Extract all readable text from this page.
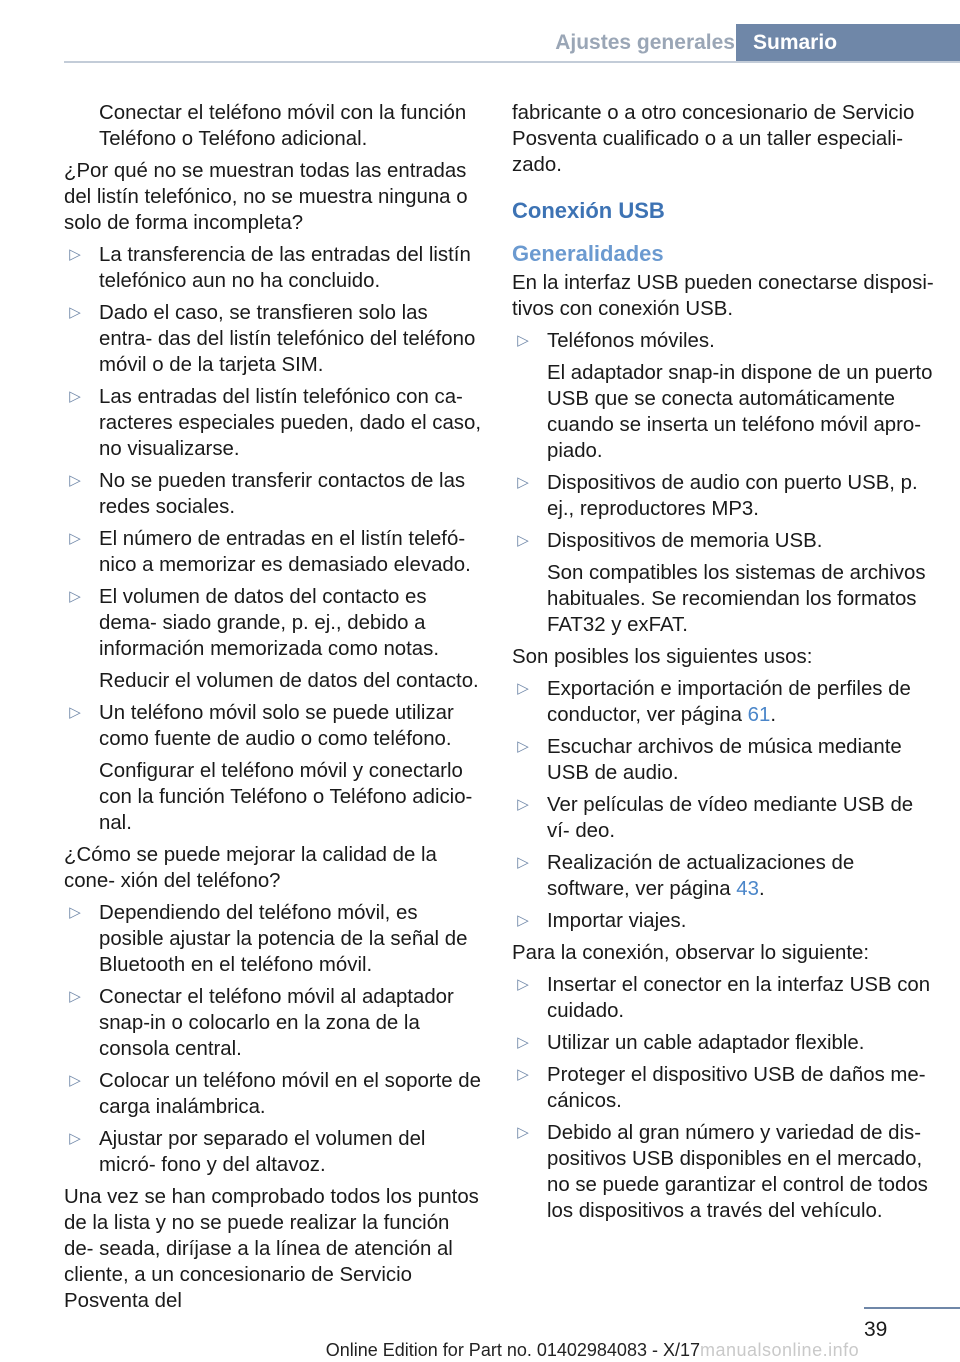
Ajustes generales Sumario

Conectar el teléfono móvil con la función Teléfono o Teléfono adicional.

¿Por qué no se muestran todas las entradas del listín telefónico, no se muestra ninguna o solo de forma incompleta?

▷ La transferencia de las entradas del listín telefónico aun no ha concluido.
▷ Dado el caso, se transfieren solo las entra‐ das del listín telefónico del teléfono móvil o de la tarjeta SIM.
▷ Las entradas del listín telefónico con ca‐ racteres especiales pueden, dado el caso, no visualizarse.
▷ No se pueden transferir contactos de las redes sociales.
▷ El número de entradas en el listín telefó‐ nico a memorizar es demasiado elevado.
▷ El volumen de datos del contacto es dema‐ siado grande, p. ej., debido a información memorizada como notas.

Reducir el volumen de datos del contacto.

▷ Un teléfono móvil solo se puede utilizar como fuente de audio o como teléfono.

Configurar el teléfono móvil y conectarlo con la función Teléfono o Teléfono adicio‐ nal.

¿Cómo se puede mejorar la calidad de la cone‐ xión del teléfono?

▷ Dependiendo del teléfono móvil, es posible ajustar la potencia de la señal de Bluetooth en el teléfono móvil.
▷ Conectar el teléfono móvil al adaptador snap-in o colocarlo en la zona de la consola central.
▷ Colocar un teléfono móvil en el soporte de carga inalámbrica.
▷ Ajustar por separado el volumen del micró‐ fono y del altavoz.

Una vez se han comprobado todos los puntos de la lista y no se puede realizar la función de‐ seada, diríjase a la línea de atención al cliente, a un concesionario de Servicio Posventa del

fabricante o a otro concesionario de Servicio Posventa cualificado o a un taller especiali‐ zado.

Conexión USB
Generalidades

En la interfaz USB pueden conectarse disposi‐ tivos con conexión USB.

▷ Teléfonos móviles.

El adaptador snap-in dispone de un puerto USB que se conecta automáticamente cuando se inserta un teléfono móvil apro‐ piado.

▷ Dispositivos de audio con puerto USB, p. ej., reproductores MP3.
▷ Dispositivos de memoria USB.

Son compatibles los sistemas de archivos habituales. Se recomiendan los formatos FAT32 y exFAT.

Son posibles los siguientes usos:

▷ Exportación e importación de perfiles de conductor, ver página 61.
▷ Escuchar archivos de música mediante USB de audio.
▷ Ver películas de vídeo mediante USB de ví‐ deo.
▷ Realización de actualizaciones de software, ver página 43.
▷ Importar viajes.

Para la conexión, observar lo siguiente:

▷ Insertar el conector en la interfaz USB con cuidado.
▷ Utilizar un cable adaptador flexible.
▷ Proteger el dispositivo USB de daños me‐ cánicos.
▷ Debido al gran número y variedad de dis‐ positivos USB disponibles en el mercado, no se puede garantizar el control de todos los dispositivos a través del vehículo.
39
Online Edition for Part no. 01402984083 - X/17 manualsonline.info
